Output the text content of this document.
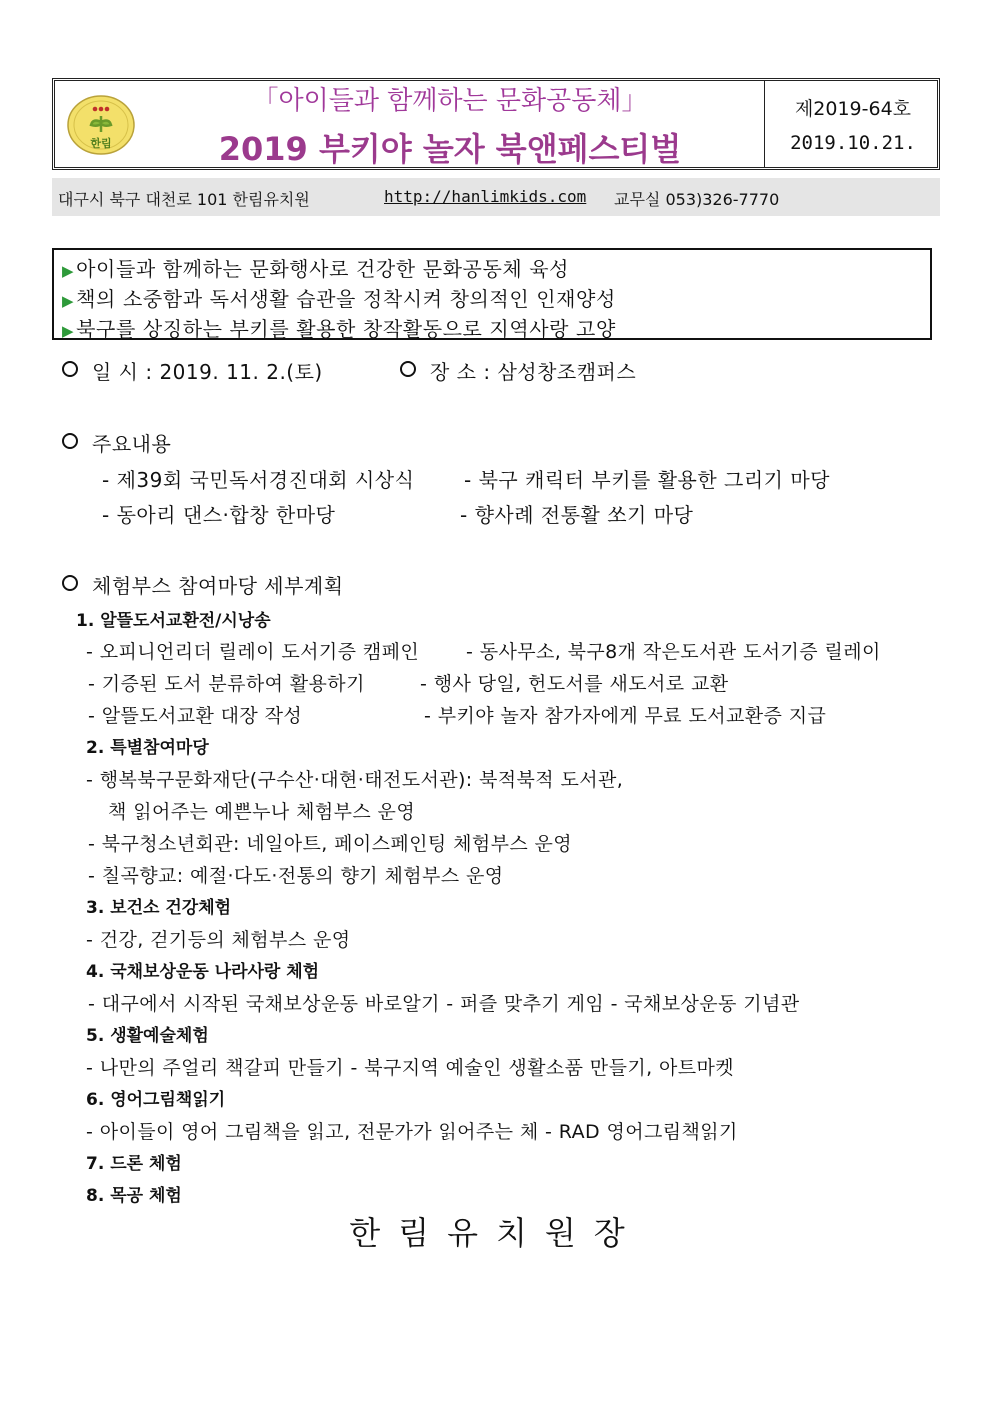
한림
「아이들과 함께하는 문화공동체」
2019 부키야 놀자 북앤페스티벌
제2019-64호
2019.10.21.
대구시 북구 대천로 101 한림유치원	http://hanlimkids.com 교무실 053)326-7770
▶ 아이들과 함께하는 문화행사로 건강한 문화공동체 육성
▶ 책의 소중함과 독서생활 습관을 정착시켜 창의적인 인재양성
▶ 북구를 상징하는 부키를 활용한 창작활동으로 지역사랑 고양
일 시 : 2019. 11. 2.(토)	장 소 : 삼성창조캠퍼스
주요내용
- 제39회 국민독서경진대회 시상식 - 북구 캐릭터 부키를 활용한 그리기 마당
- 동아리 댄스·합창 한마당	- 향사례 전통활 쏘기 마당
체험부스 참여마당 세부계획
1. 알뜰도서교환전/시낭송
- 오피니언리더 릴레이 도서기증 캠페인 - 동사무소, 북구8개 작은도서관 도서기증 릴레이
- 기증된 도서 분류하여 활용하기	- 행사 당일, 헌도서를 새도서로 교환
- 알뜰도서교환 대장 작성	- 부키야 놀자 참가자에게 무료 도서교환증 지급
2. 특별참여마당
- 행복북구문화재단(구수산·대현·태전도서관): 북적북적 도서관,
책 읽어주는 예쁜누나 체험부스 운영
- 북구청소년회관: 네일아트, 페이스페인팅 체험부스 운영
- 칠곡향교: 예절·다도·전통의 향기 체험부스 운영
3. 보건소 건강체험
- 건강, 걷기등의 체험부스 운영
4. 국채보상운동 나라사랑 체험
- 대구에서 시작된 국채보상운동 바로알기 - 퍼즐 맞추기 게임 - 국채보상운동 기념관
5. 생활예술체험
- 나만의 주얼리 책갈피 만들기 - 북구지역 예술인 생활소품 만들기, 아트마켓
6. 영어그림책읽기
- 아이들이 영어 그림책을 읽고, 전문가가 읽어주는 체 - RAD 영어그림책읽기
7. 드론 체험
8. 목공 체험
한림유치원장
